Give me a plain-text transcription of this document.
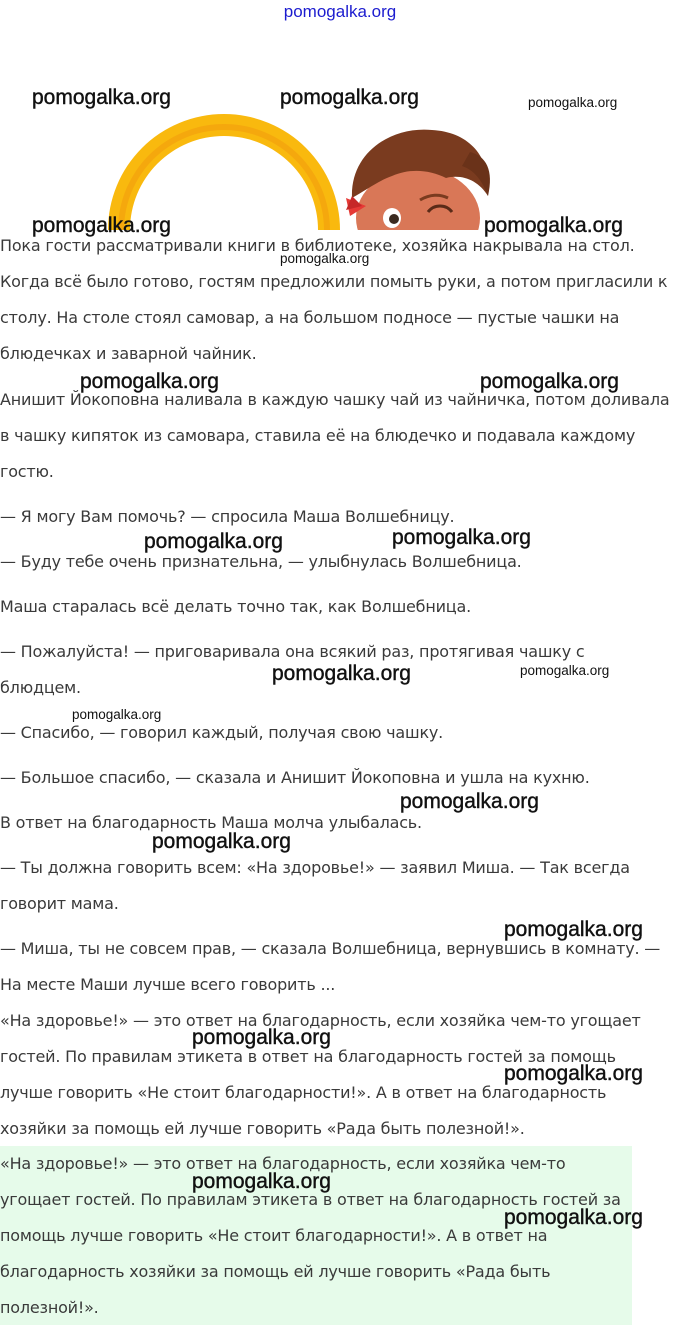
pomogalka.org

Пока гости рассматривали книги в библиотеке, хозяйка накрывала на стол.
Когда всё было готово, гостям предложили помыть руки, а потом пригласили к
столу. На столе стоял самовар, а на большом подносе — пустые чашки на
блюдечках и заварной чайник.

Анишит Йокоповна наливала в каждую чашку чай из чайничка, потом доливала
в чашку кипяток из самовара, ставила её на блюдечко и подавала каждому
гостю.

— Я могу Вам помочь? — спросила Маша Волшебницу.

— Буду тебе очень признательна, — улыбнулась Волшебница.

Маша старалась всё делать точно так, как Волшебница.

— Пожалуйста! — приговаривала она всякий раз, протягивая чашку с
блюдцем.

— Спасибо, — говорил каждый, получая свою чашку.

— Большое спасибо, — сказала и Анишит Йокоповна и ушла на кухню.

В ответ на благодарность Маша молча улыбалась.

— Ты должна говорить всем: «На здоровье!» — заявил Миша. — Так всегда
говорит мама.

— Миша, ты не совсем прав, — сказала Волшебница, вернувшись в комнату. —
На месте Маши лучше всего говорить ...

«На здоровье!» — это ответ на благодарность, если хозяйка чем-то угощает
гостей. По правилам этикета в ответ на благодарность гостей за помощь
лучше говорить «Не стоит благодарности!». А в ответ на благодарность
хозяйки за помощь ей лучше говорить «Рада быть полезной!».

«На здоровье!» — это ответ на благодарность, если хозяйка чем-то
угощает гостей. По правилам этикета в ответ на благодарность гостей за
помощь лучше говорить «Не стоит благодарности!». А в ответ на
благодарность хозяйки за помощь ей лучше говорить «Рада быть
полезной!».

pomogalka.org	pomogalka.org	pomogalka.org
pomogalka.org	pomogalka.org
pomogalka.org
pomogalka.org	pomogalka.org
pomogalka.org	pomogalka.org
pomogalka.org	pomogalka.org
pomogalka.org
pomogalka.org
pomogalka.org
pomogalka.org
pomogalka.org
pomogalka.org
pomogalka.org
pomogalka.org
